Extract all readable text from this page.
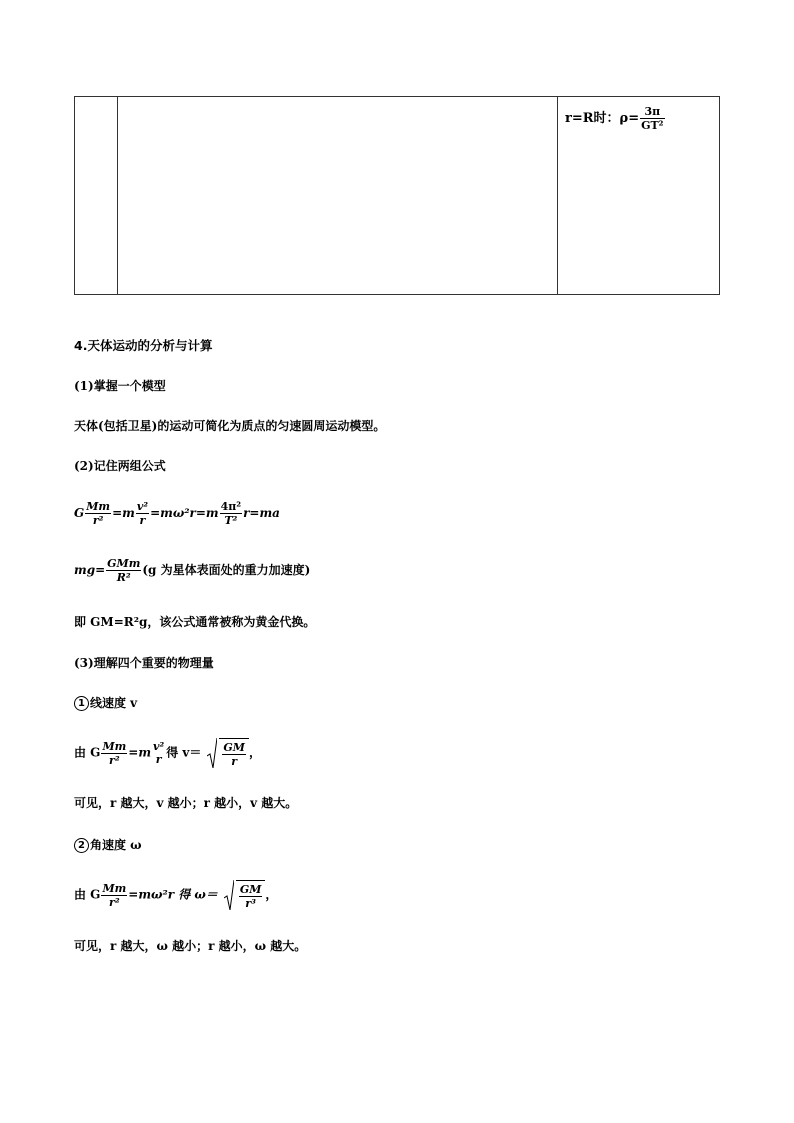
r=R时：$\rho= \frac{3\pi}{\text{GT²}}$
4.天体运动的分析与计算
(1)掌握一个模型
天体(包括卫星)的运动可简化为质点的匀速圆周运动模型。
(2)记住两组公式
G $\frac{Mm}{\text{r²}} =m \frac{\text{v²}}{r} =m\omega^2r=m \frac{\text{4π²}}{\text{T²}} r=ma$
$mg= \frac{\text{GMm}}{\text{R²}} (g$ 为星体表面处的重力加速度)
即 GM=R²g，该公式通常被称为黄金代换。
(3)理解四个重要的物理量
1 线速度 v
由 G $\frac{Mm}{\text{r²}} =m$ v²
r 得 $v= \frac{GM}{r}$ ，
可见，r 越大，v 越小；r 越小，v 越大。
2 角速度 ω
由 G $\frac{Mm}{\text{r²}} =m\omega^2r$ 得 $\omega= \frac{GM}{\text{r³}}$ ，
可见，r 越大，ω 越小；r 越小，ω 越大。
